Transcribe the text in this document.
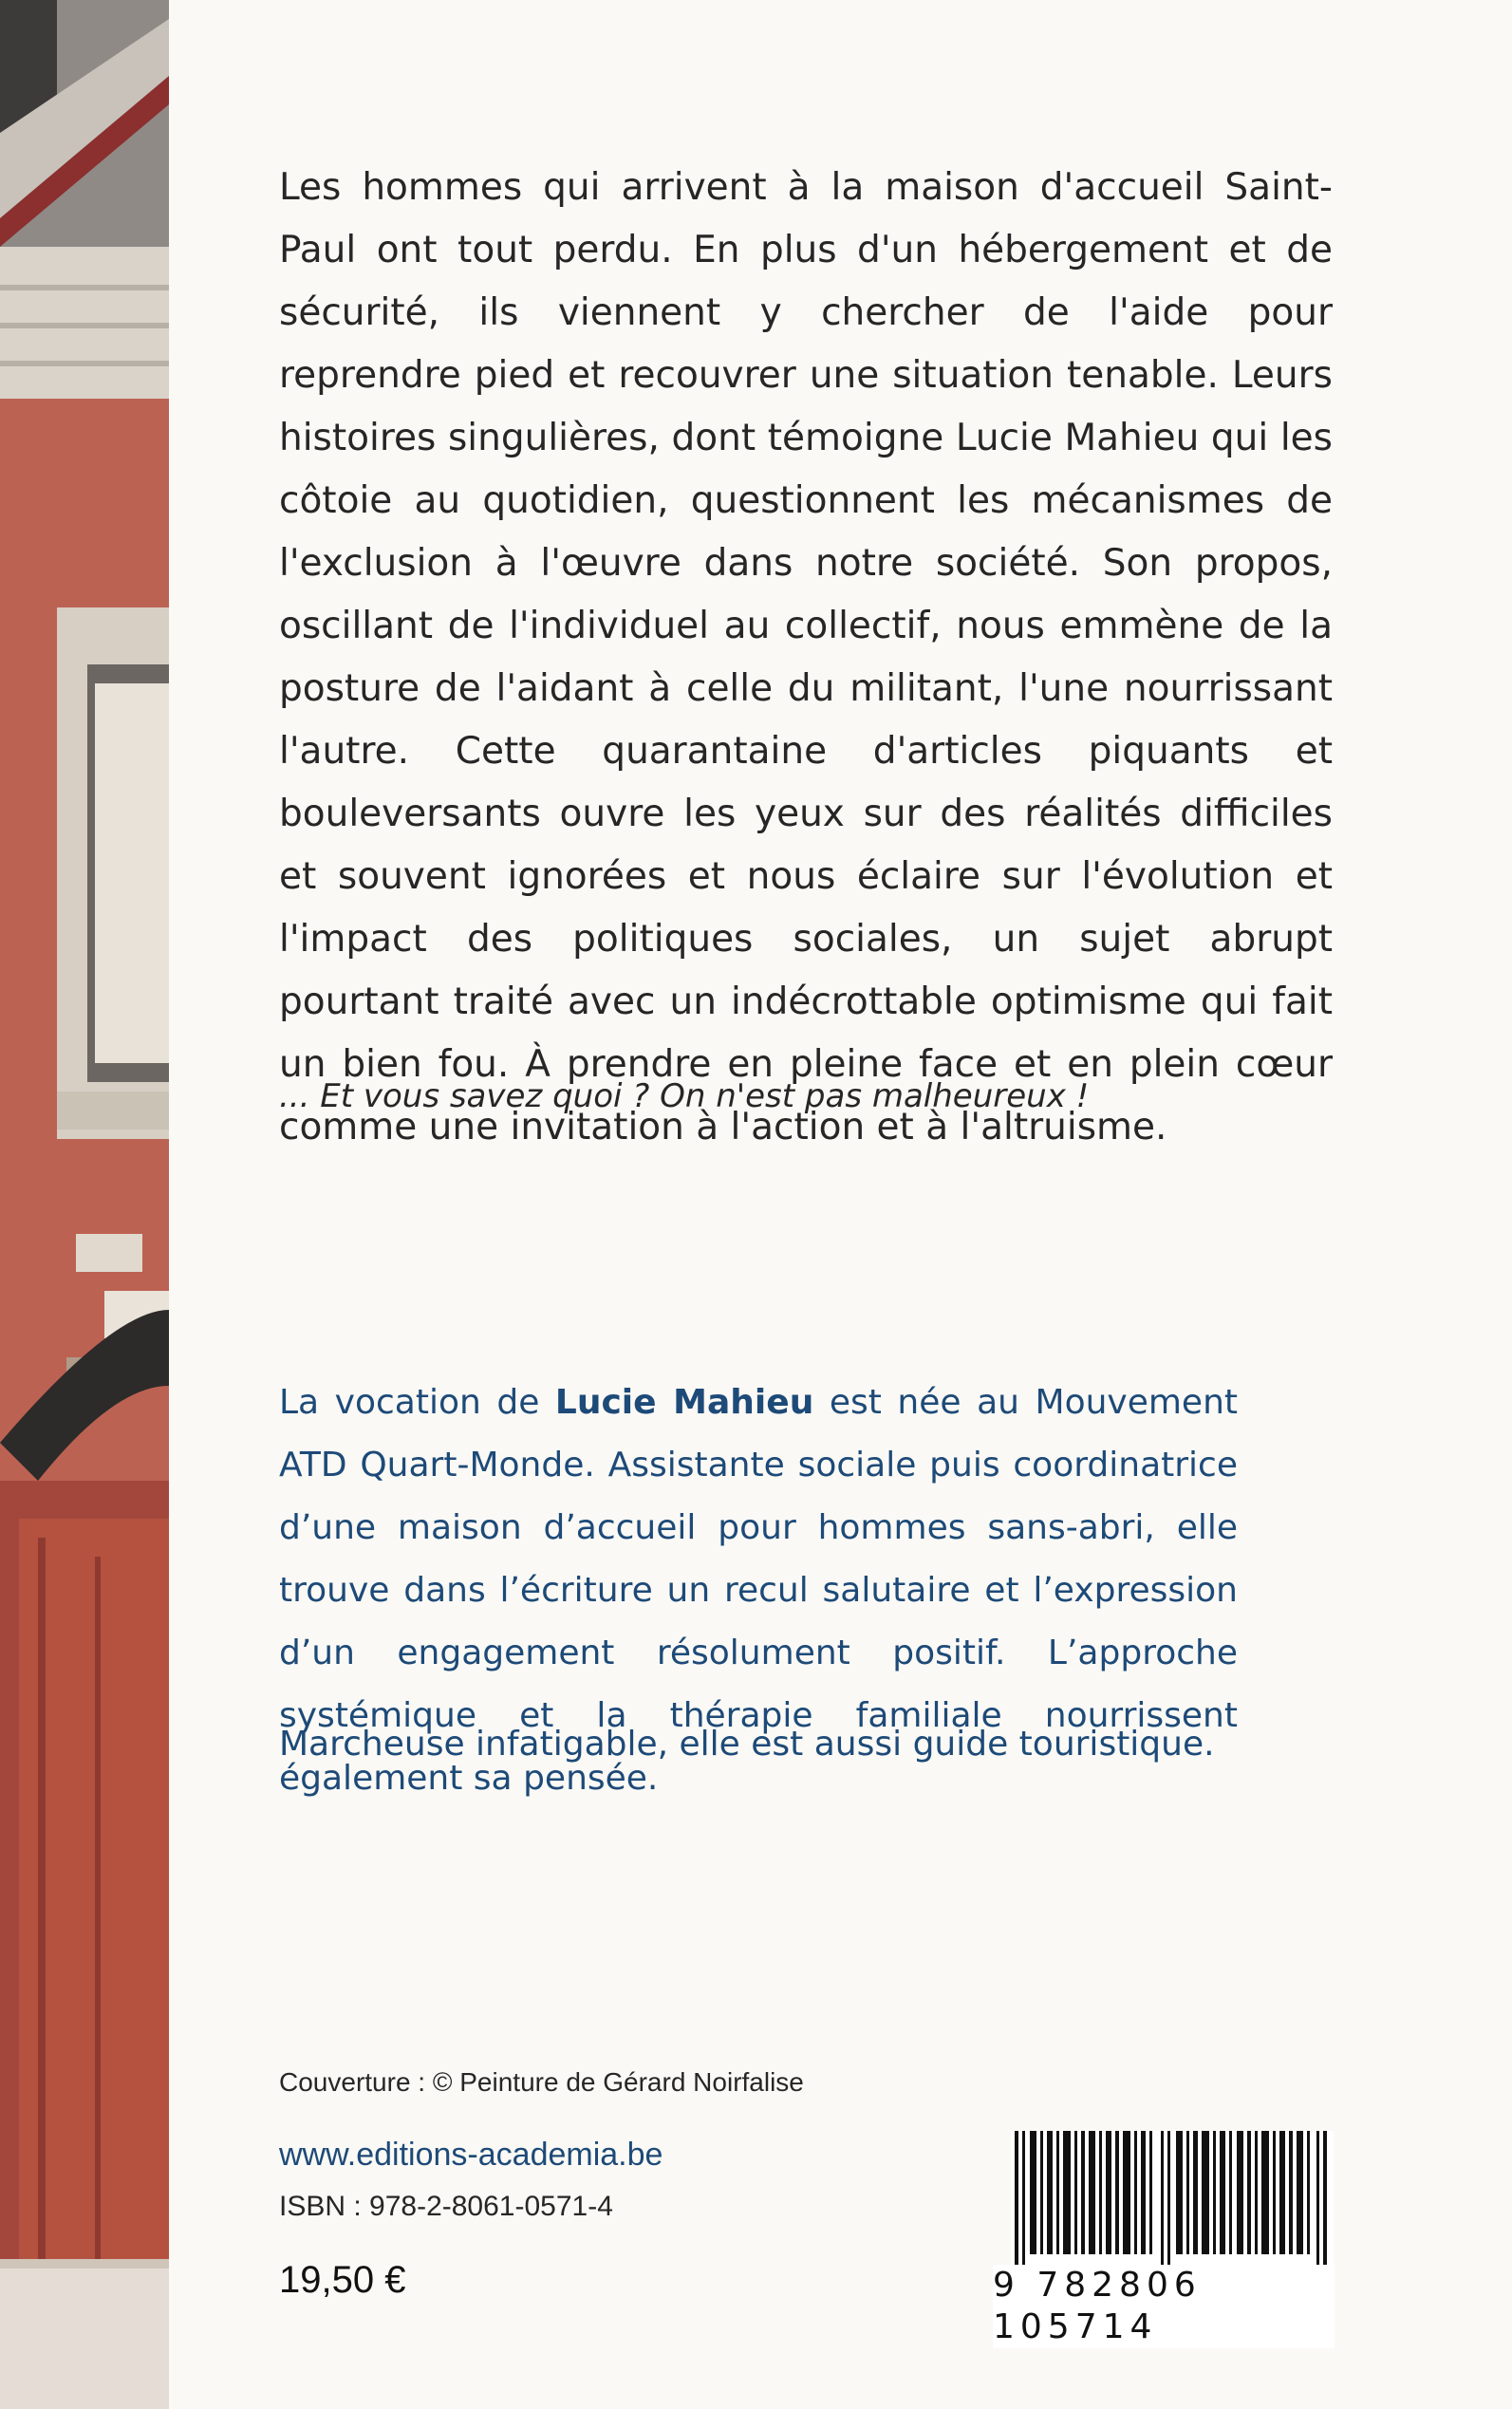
Les hommes qui arrivent à la maison d'accueil Saint-Paul ont tout perdu. En plus d'un hébergement et de sécurité, ils viennent y chercher de l'aide pour reprendre pied et recouvrer une situation tenable. Leurs histoires singulières, dont témoigne Lucie Mahieu qui les côtoie au quotidien, questionnent les mécanismes de l'exclusion à l'œuvre dans notre société. Son propos, oscillant de l'individuel au collectif, nous emmène de la posture de l'aidant à celle du militant, l'une nourrissant l'autre. Cette quarantaine d'articles piquants et bouleversants ouvre les yeux sur des réalités difficiles et souvent ignorées et nous éclaire sur l'évolution et l'impact des politiques sociales, un sujet abrupt pourtant traité avec un indécrottable optimisme qui fait un bien fou. À prendre en pleine face et en plein cœur comme une invitation à l'action et à l'altruisme.

... Et vous savez quoi ? On n'est pas malheureux !

La vocation de Lucie Mahieu est née au Mouvement ATD Quart-Monde. Assistante sociale puis coordinatrice d’une maison d’accueil pour hommes sans-abri, elle trouve dans l’écriture un recul salutaire et l’expression d’un engagement résolument positif. L’approche systémique et la thérapie familiale nourrissent également sa pensée.

Marcheuse infatigable, elle est aussi guide touristique.

Couverture : © Peinture de Gérard Noirfalise
www.editions-academia.be
ISBN : 978-2-8061-0571-4
19,50 €	9 782806 105714
